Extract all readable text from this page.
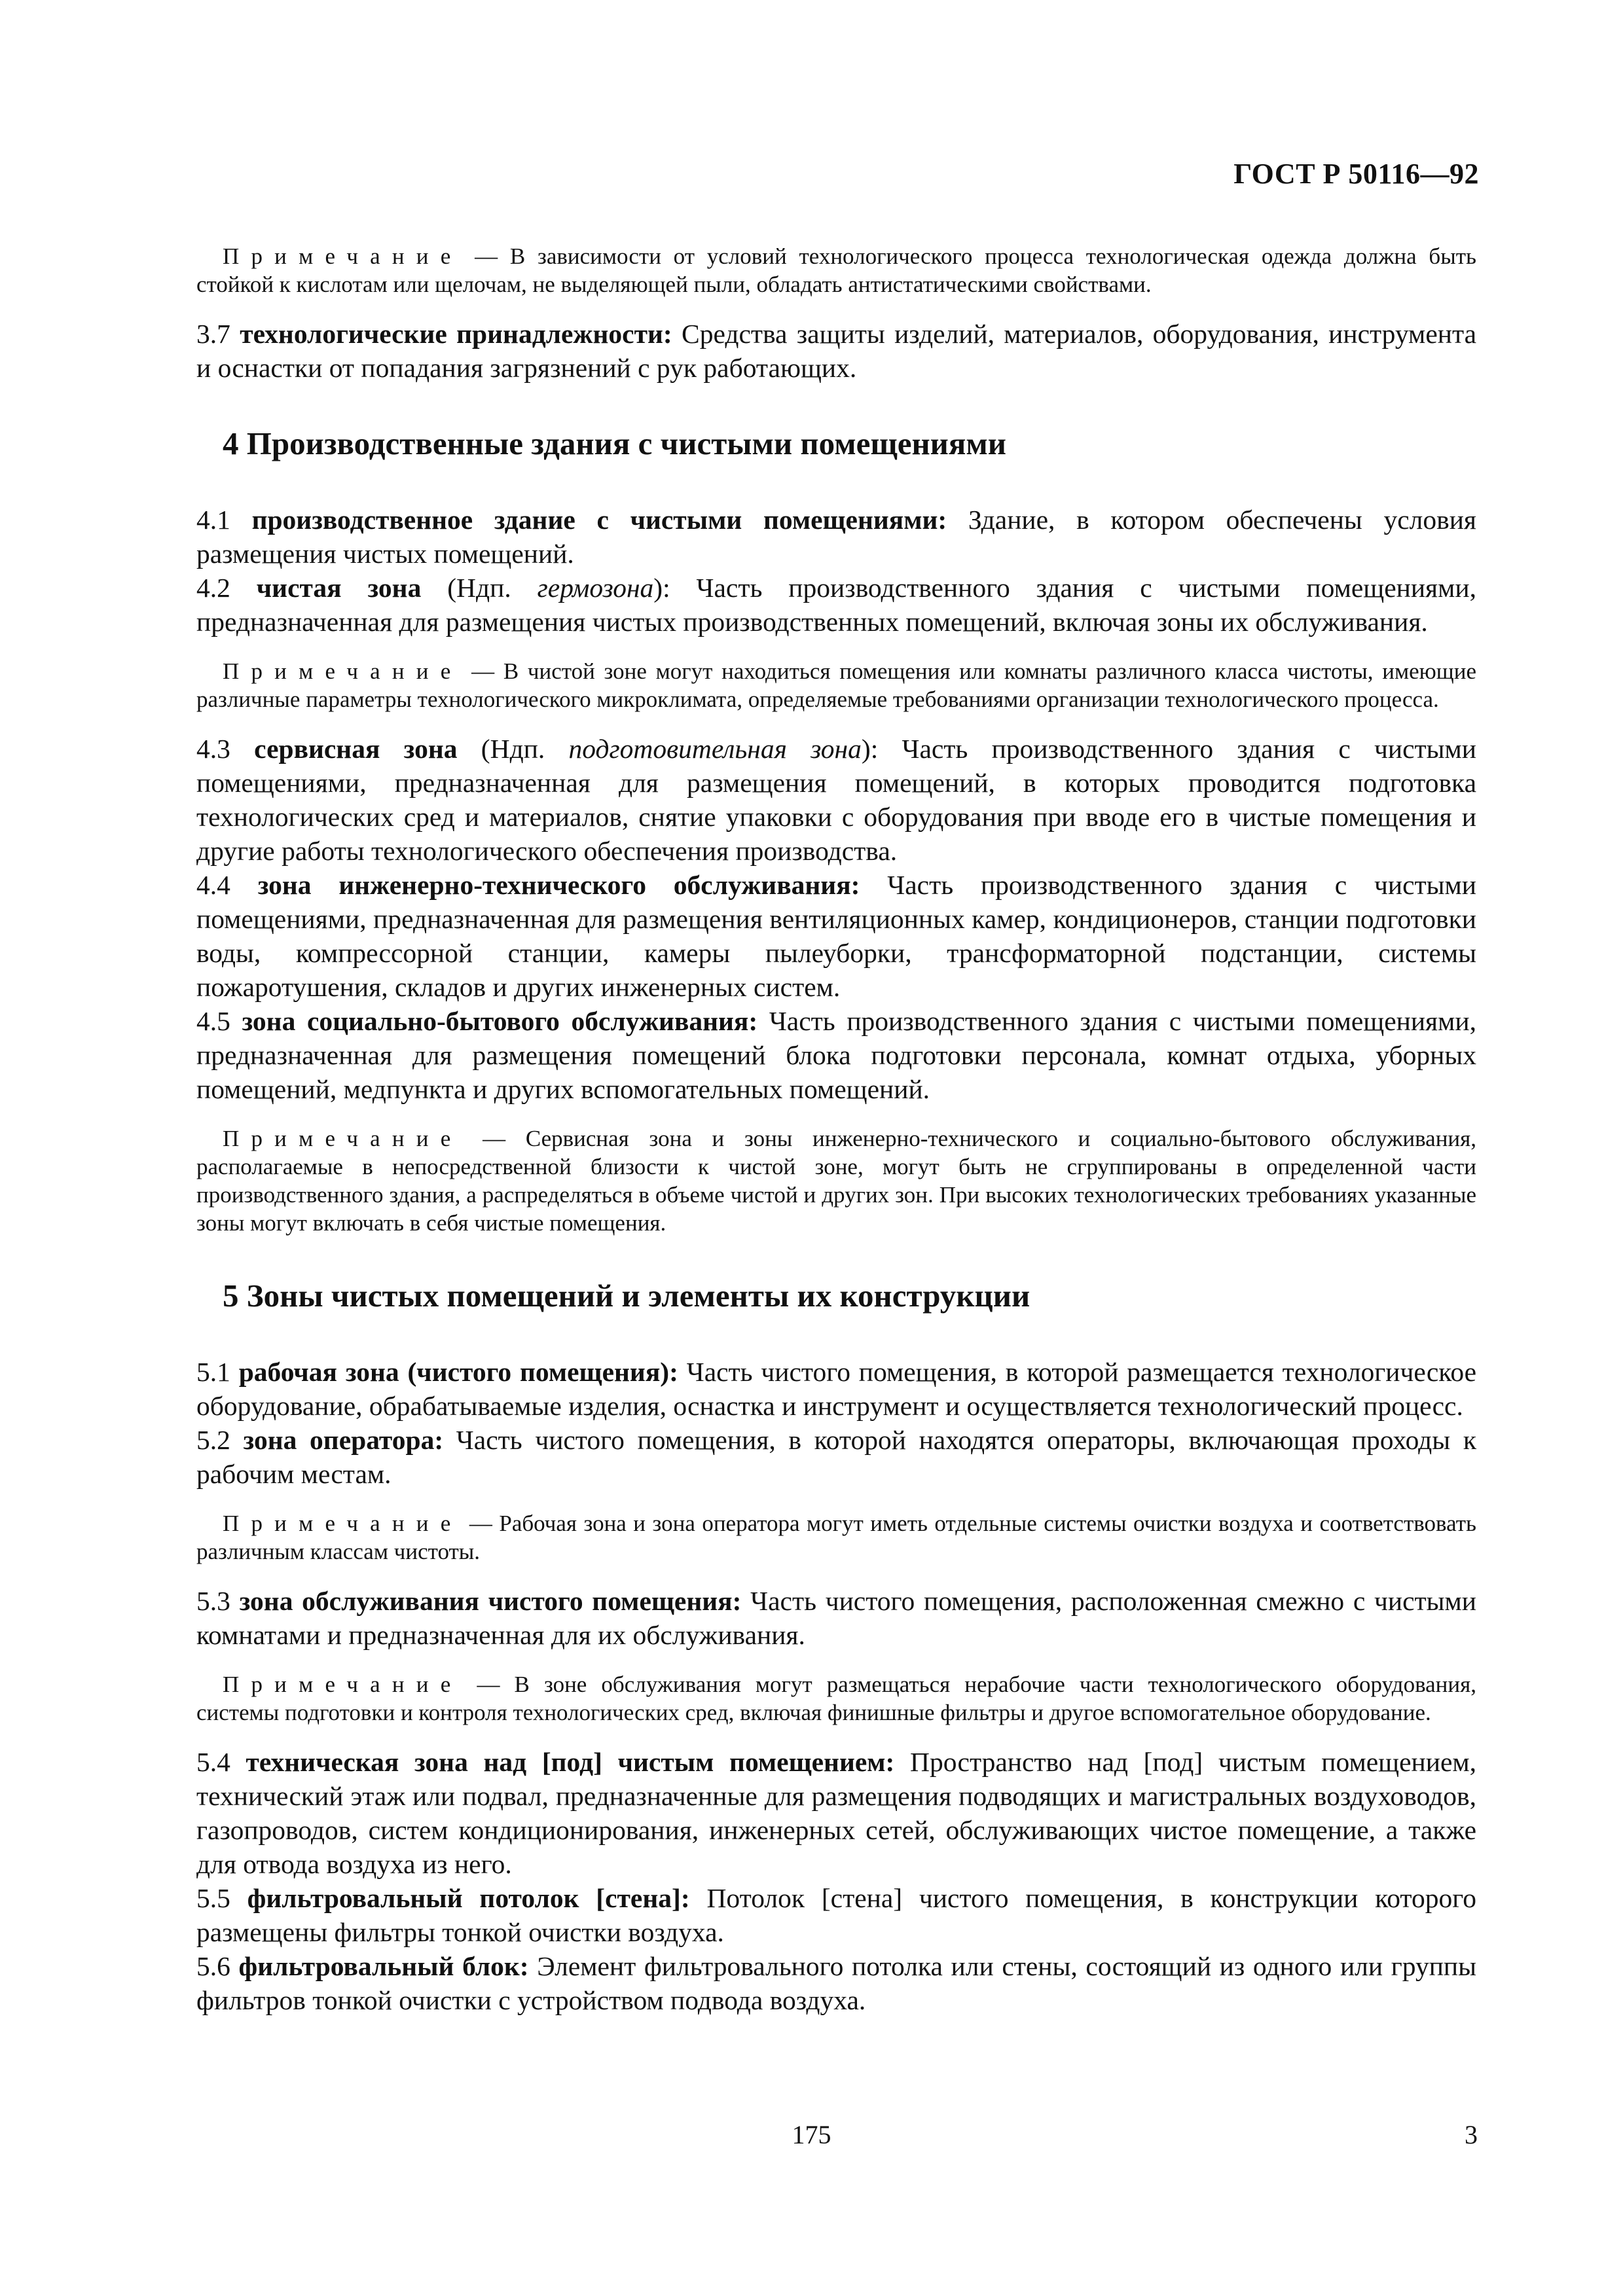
ГОСТ Р 50116—92

Примечание — В зависимости от условий технологического процесса технологическая одежда должна быть стойкой к кислотам или щелочам, не выделяющей пыли, обладать антистатическими свойствами.

3.7 технологические принадлежности: Средства защиты изделий, материалов, оборудования, инструмента и оснастки от попадания загрязнений с рук работающих.

4 Производственные здания с чистыми помещениями

4.1 производственное здание с чистыми помещениями: Здание, в котором обеспечены условия размещения чистых помещений.

4.2 чистая зона (Ндп. гермозона): Часть производственного здания с чистыми помещениями, предназначенная для размещения чистых производственных помещений, включая зоны их обслуживания.

Примечание — В чистой зоне могут находиться помещения или комнаты различного класса чистоты, имеющие различные параметры технологического микроклимата, определяемые требованиями организации технологического процесса.

4.3 сервисная зона (Ндп. подготовительная зона): Часть производственного здания с чистыми помещениями, предназначенная для размещения помещений, в которых проводится подготовка технологических сред и материалов, снятие упаковки с оборудования при вводе его в чистые помещения и другие работы технологического обеспечения производства.

4.4 зона инженерно-технического обслуживания: Часть производственного здания с чистыми помещениями, предназначенная для размещения вентиляционных камер, кондиционеров, станции подготовки воды, компрессорной станции, камеры пылеуборки, трансформаторной подстанции, системы пожаротушения, складов и других инженерных систем.

4.5 зона социально-бытового обслуживания: Часть производственного здания с чистыми помещениями, предназначенная для размещения помещений блока подготовки персонала, комнат отдыха, уборных помещений, медпункта и других вспомогательных помещений.

Примечание — Сервисная зона и зоны инженерно-технического и социально-бытового обслуживания, располагаемые в непосредственной близости к чистой зоне, могут быть не сгруппированы в определенной части производственного здания, а распределяться в объеме чистой и других зон. При высоких технологических требованиях указанные зоны могут включать в себя чистые помещения.

5 Зоны чистых помещений и элементы их конструкции

5.1 рабочая зона (чистого помещения): Часть чистого помещения, в которой размещается технологическое оборудование, обрабатываемые изделия, оснастка и инструмент и осуществляется технологический процесс.

5.2 зона оператора: Часть чистого помещения, в которой находятся операторы, включающая проходы к рабочим местам.

Примечание — Рабочая зона и зона оператора могут иметь отдельные системы очистки воздуха и соответствовать различным классам чистоты.

5.3 зона обслуживания чистого помещения: Часть чистого помещения, расположенная смежно с чистыми комнатами и предназначенная для их обслуживания.

Примечание — В зоне обслуживания могут размещаться нерабочие части технологического оборудования, системы подготовки и контроля технологических сред, включая финишные фильтры и другое вспомогательное оборудование.

5.4 техническая зона над [под] чистым помещением: Пространство над [под] чистым помещением, технический этаж или подвал, предназначенные для размещения подводящих и магистральных воздуховодов, газопроводов, систем кондиционирования, инженерных сетей, обслуживающих чистое помещение, а также для отвода воздуха из него.

5.5 фильтровальный потолок [стена]: Потолок [стена] чистого помещения, в конструкции которого размещены фильтры тонкой очистки воздуха.

5.6 фильтровальный блок: Элемент фильтровального потолка или стены, состоящий из одного или группы фильтров тонкой очистки с устройством подвода воздуха.

175	3
